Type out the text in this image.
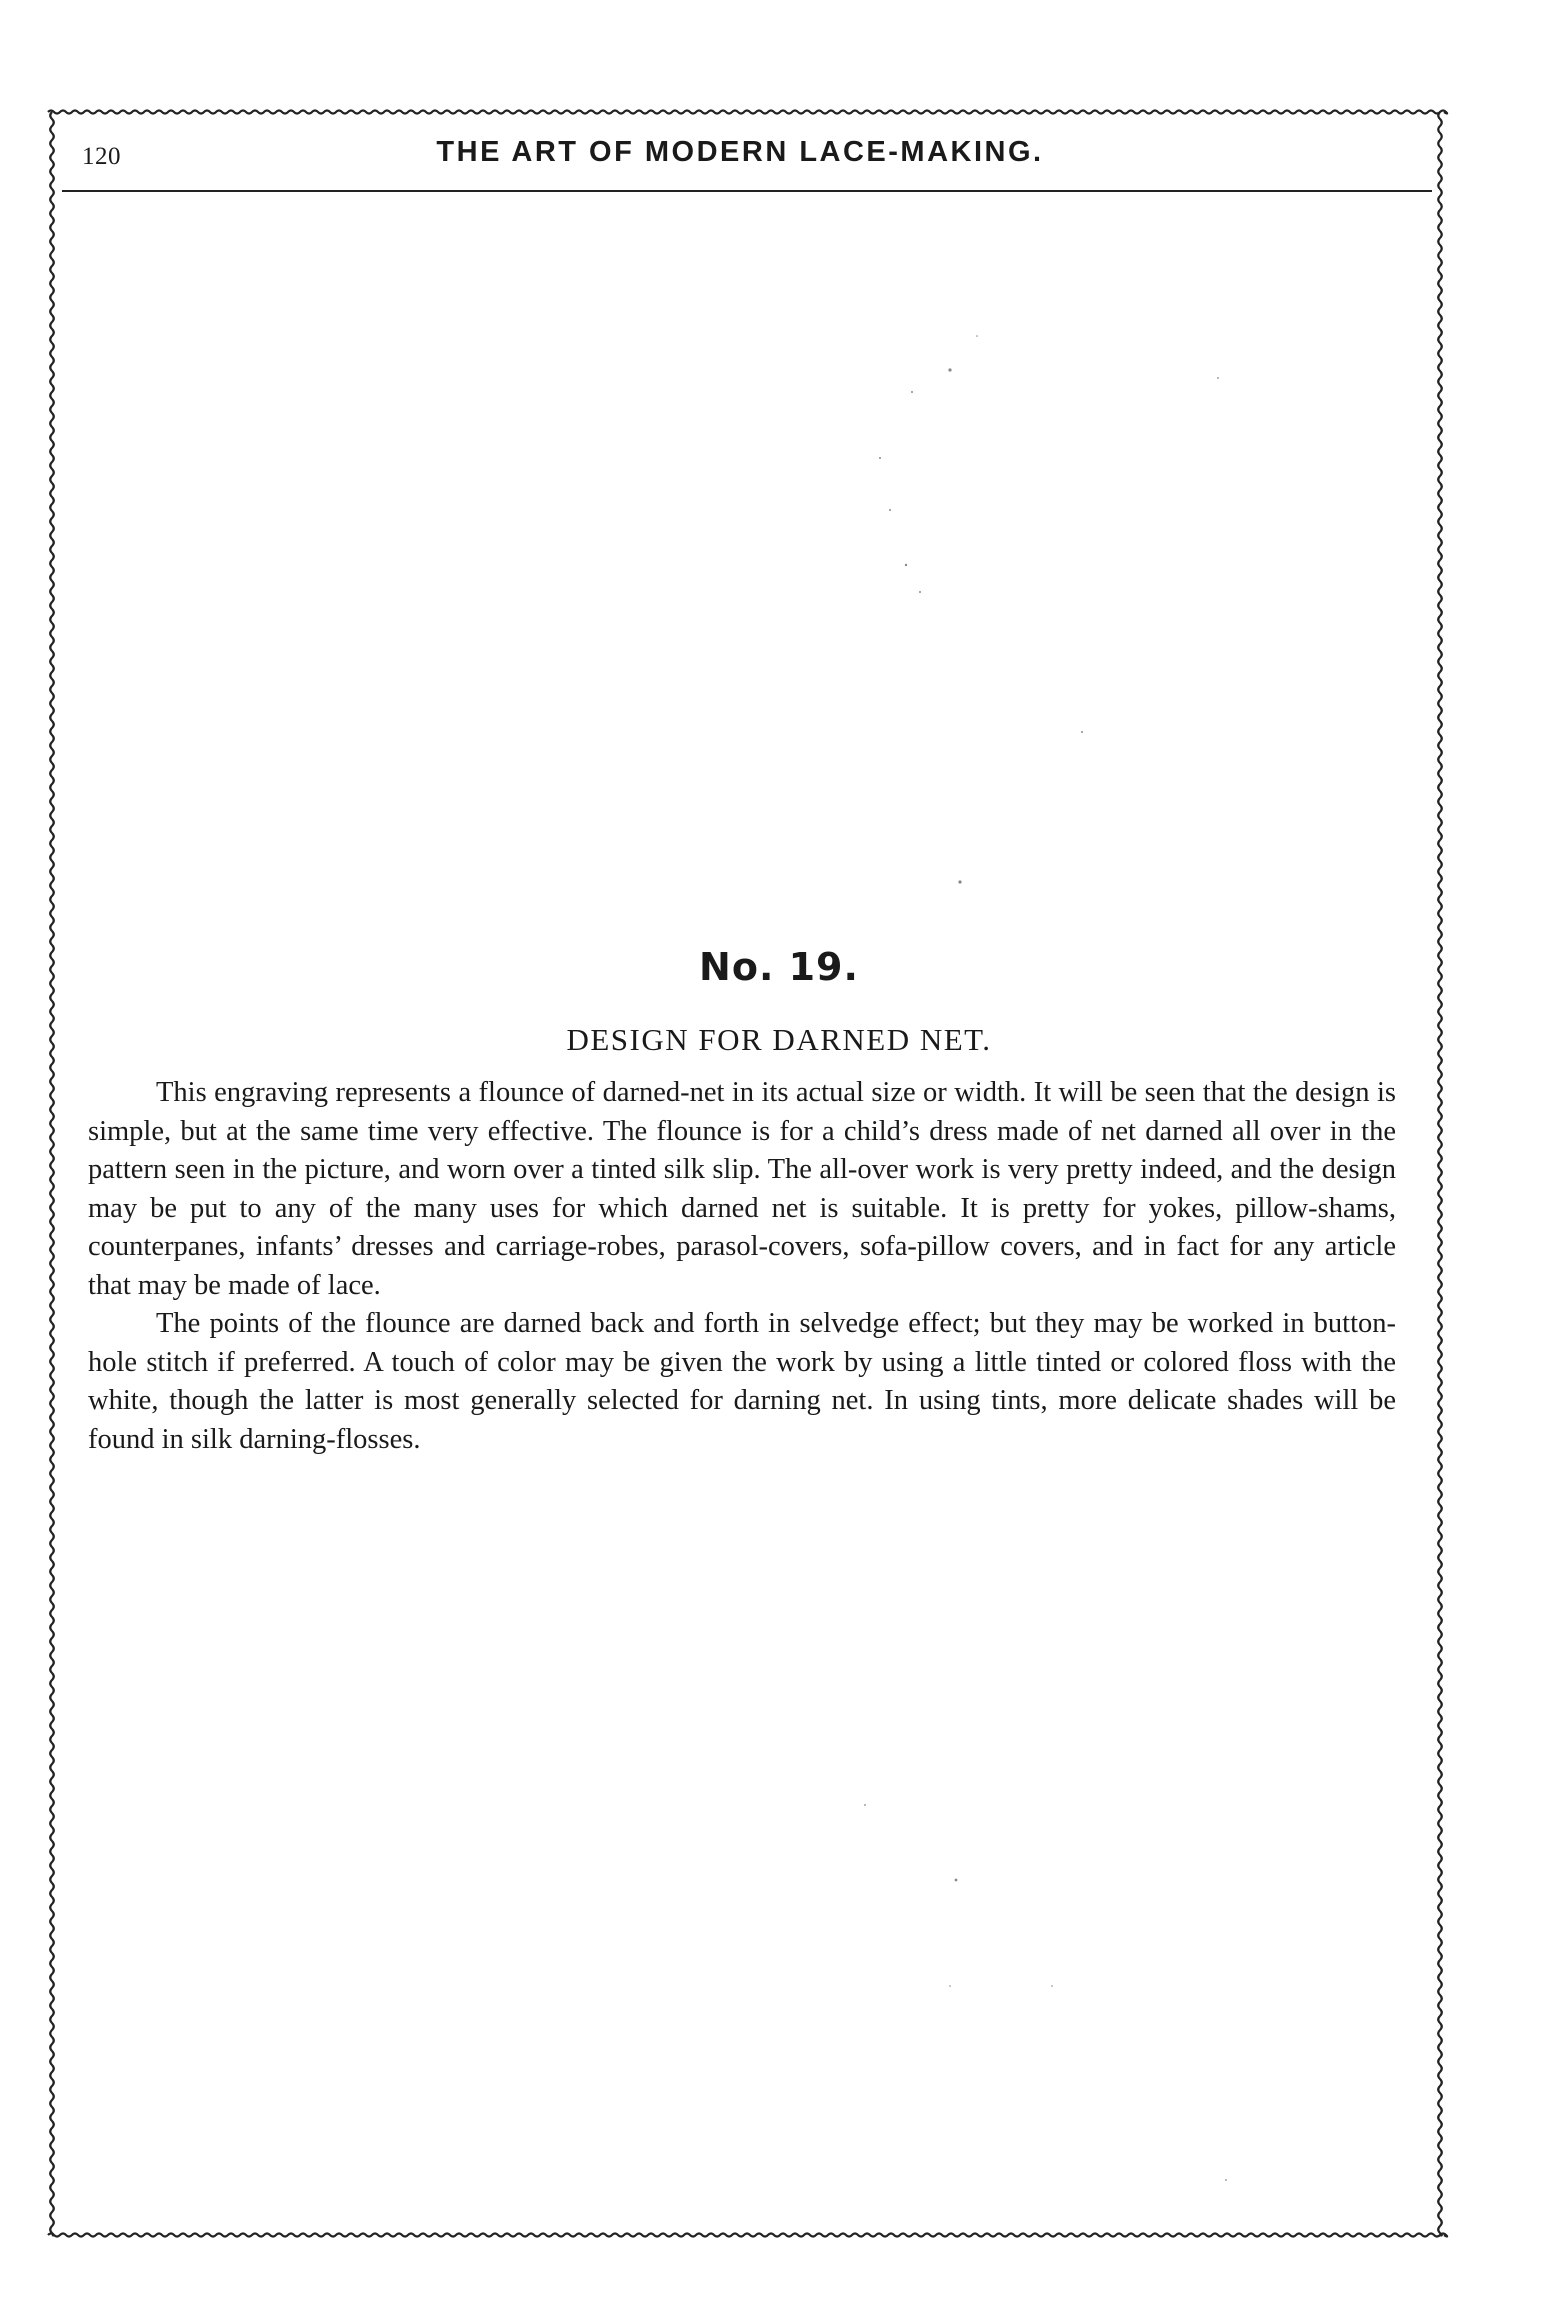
120	THE ART OF MODERN LACE-MAKING.
No. 19.
DESIGN FOR DARNED NET.

This engraving represents a flounce of darned-net in its actual size or width. It will be seen that the design is simple, but at the same time very effective. The flounce is for a child’s dress made of net darned all over in the pattern seen in the picture, and worn over a tinted silk slip. The all-over work is very pretty indeed, and the design may be put to any of the many uses for which darned net is suitable. It is pretty for yokes, pillow-shams, counterpanes, infants’ dresses and carriage-robes, parasol-covers, sofa-pillow covers, and in fact for any article that may be made of lace.

The points of the flounce are darned back and forth in selvedge effect; but they may be worked in button-hole stitch if preferred. A touch of color may be given the work by using a little tinted or colored floss with the white, though the latter is most generally selected for darning net. In using tints, more delicate shades will be found in silk darning-flosses.
